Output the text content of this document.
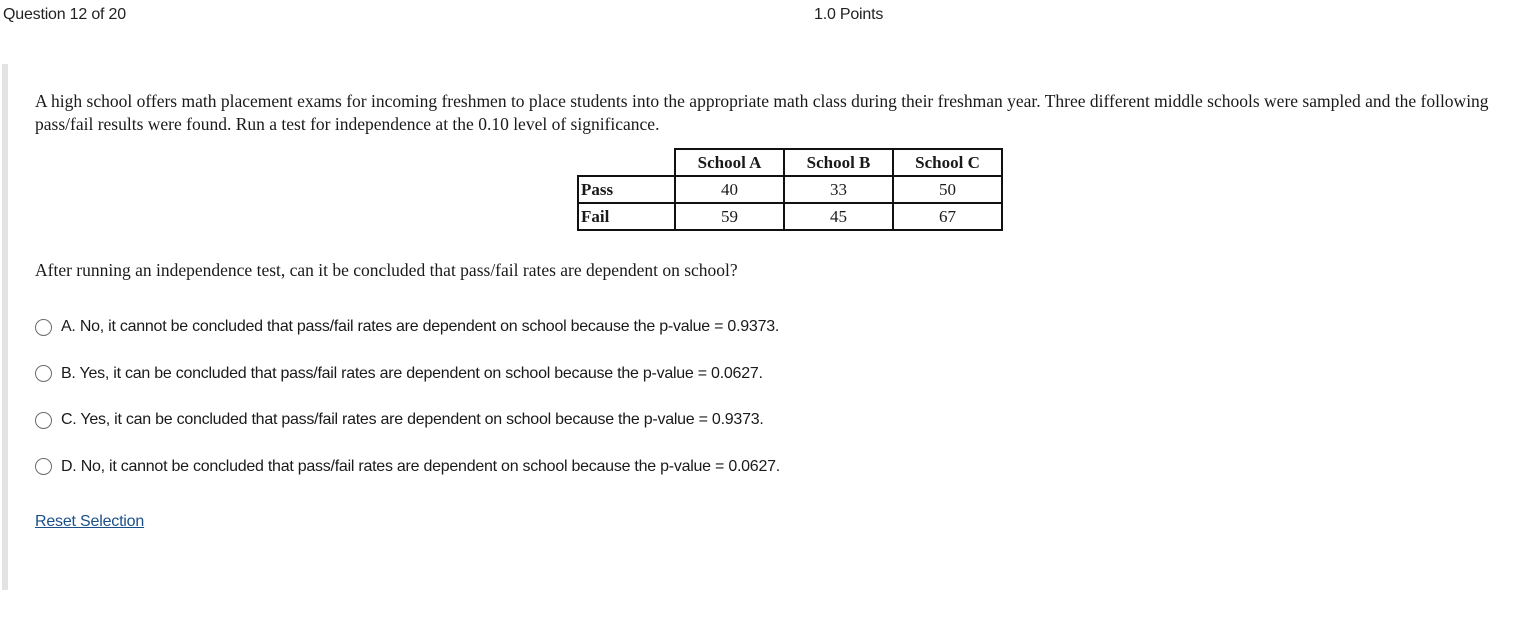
Question 12 of 20	1.0 Points

A high school offers math placement exams for incoming freshmen to place students into the appropriate math class during their freshman year. Three different middle schools were sampled and the following pass/fail results were found. Run a test for independence at the 0.10 level of significance.

	School A	School B	School C
Pass	40	33	50
Fail	59	45	67

After running an independence test, can it be concluded that pass/fail rates are dependent on school?

A. No, it cannot be concluded that pass/fail rates are dependent on school because the p-value = 0.9373.
B. Yes, it can be concluded that pass/fail rates are dependent on school because the p-value = 0.0627.
C. Yes, it can be concluded that pass/fail rates are dependent on school because the p-value = 0.9373.
D. No, it cannot be concluded that pass/fail rates are dependent on school because the p-value = 0.0627.
Reset Selection
